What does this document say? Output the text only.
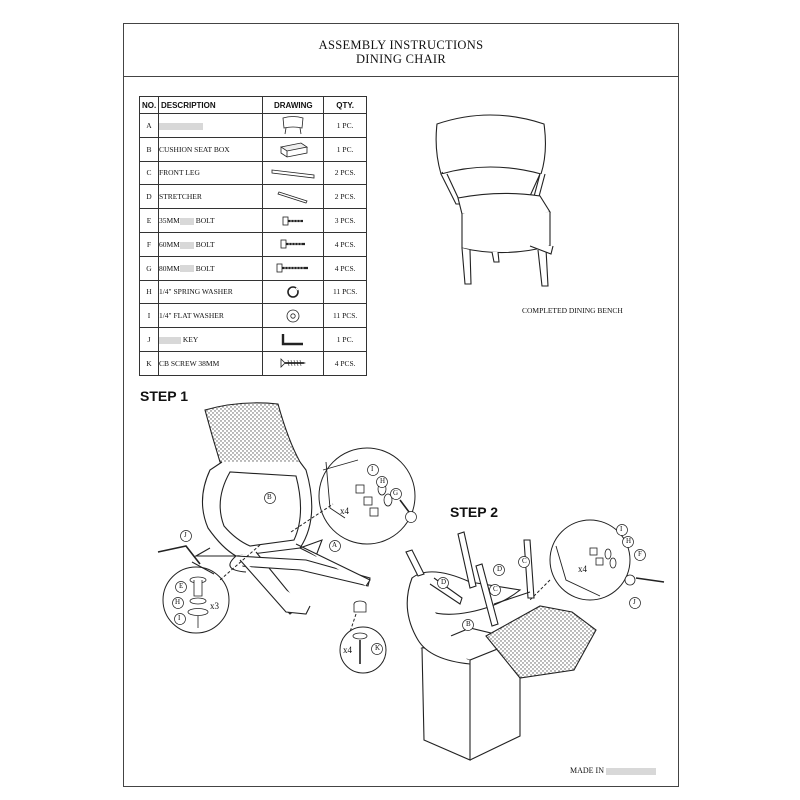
ASSEMBLY INSTRUCTIONS
DINING CHAIR
NO.	DESCRIPTION	DRAWING	QTY.
A			1 PC.
B	CUSHION SEAT BOX		1 PC.
C	FRONT LEG		2 PCS.
D	STRETCHER		2 PCS.
E	35MM BOLT		3 PCS.
F	60MM BOLT		4 PCS.
G	80MM BOLT		4 PCS.
H	1/4" SPRING WASHER		11 PCS.
I	1/4" FLAT WASHER		11 PCS.
J	KEY		1 PC.
K	CB SCREW 38MM		4 PCS.
COMPLETED DINING BENCH
STEP 1
STEP 2
B
A
J
I
H
G
x4
E
H
I
x3
D
D
C
C
B
I
H
F
J
x4
K
x4
MADE IN
